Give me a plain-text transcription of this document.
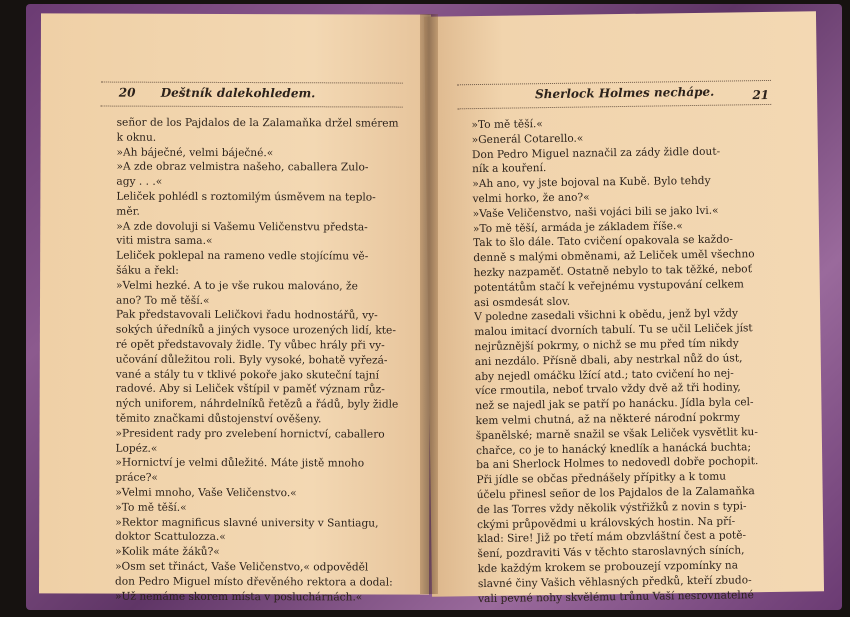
20 Deštník dalekohledem.
señor de los Pajdalos de la Zalamaňka držel smérem
k oknu.
»Ah báječné, velmi báječné.«
»A zde obraz velmistra našeho, caballera Zulo-
agy . . .«
Leliček pohlédl s roztomilým úsměvem na teplo-
měr.
»A zde dovoluji si Vašemu Veličenstvu předsta-
viti mistra sama.«
Leliček poklepal na rameno vedle stojícímu vě-
šáku a řekl:
»Velmi hezké. A to je vše rukou malováno, že
ano? To mě těší.«
Pak představovali Leličkovi řadu hodnostářů, vy-
sokých úředníků a jiných vysoce urozených lidí, kte-
ré opět představovaly židle. Ty vůbec hrály při vy-
učování důležitou roli. Byly vysoké, bohatě vyřezá-
vané a stály tu v tklivé pokoře jako skuteční tajní
radové. Aby si Leliček vštípil v paměť význam růz-
ných uniforem, náhrdelníků řetězů a řádů, byly židle
těmito značkami důstojenství ověšeny.
»President rady pro zvelebení hornictví, caballero
Lopéz.«
»Hornictví je velmi důležité. Máte jistě mnoho
práce?«
»Velmi mnoho, Vaše Veličenstvo.«
»To mě těší.«
»Rektor magnificus slavné university v Santiagu,
doktor Scattulozza.«
»Kolik máte žáků?«
»Osm set třináct, Vaše Veličenstvo,« odpověděl
don Pedro Miguel místo dřevěného rektora a dodal:
»Už nemáme skorem místa v posluchárnách.«
Sherlock Holmes nechápe.	21
»To mě těší.«
»Generál Cotarello.«
Don Pedro Miguel naznačil za zády židle dout-
ník a kouření.
»Ah ano, vy jste bojoval na Kubě. Bylo tehdy
velmi horko, že ano?«
»Vaše Veličenstvo, naši vojáci bili se jako lvi.«
»To mě těší, armáda je základem říše.«
Tak to šlo dále. Tato cvičení opakovala se každo-
denně s malými obměnami, až Leliček uměl všechno
hezky nazpaměť. Ostatně nebylo to tak těžké, neboť
potentátům stačí k veřejnému vystupování celkem
asi osmdesát slov.
V poledne zasedali všichni k obědu, jenž byl vždy
malou imitací dvorních tabulí. Tu se učil Leliček jíst
nejrůznější pokrmy, o nichž se mu před tím nikdy
ani nezdálo. Přísně dbali, aby nestrkal nůž do úst,
aby nejedl omáčku lžící atd.; tato cvičení ho nej-
více rmoutila, neboť trvalo vždy dvě až tři hodiny,
než se najedl jak se patří po hanácku. Jídla byla cel-
kem velmi chutná, až na některé národní pokrmy
španělské; marně snažil se však Leliček vysvětlit ku-
chařce, co je to hanácký knedlík a hanácká buchta;
ba ani Sherlock Holmes to nedovedl dobře pochopit.
Při jídle se občas přednášely přípitky a k tomu
účelu přinesl señor de los Pajdalos de la Zalamaňka
de las Torres vždy několik výstřižků z novin s typi-
ckými průpovědmi u královských hostin. Na pří-
klad: Sire! Již po třetí mám obzvláštní čest a potě-
šení, pozdraviti Vás v těchto staroslavných síních,
kde každým krokem se probouzejí vzpomínky na
slavné činy Vašich věhlasných předků, kteří zbudo-
vali pevné nohy skvělému trůnu Vaší nesrovnatelné
